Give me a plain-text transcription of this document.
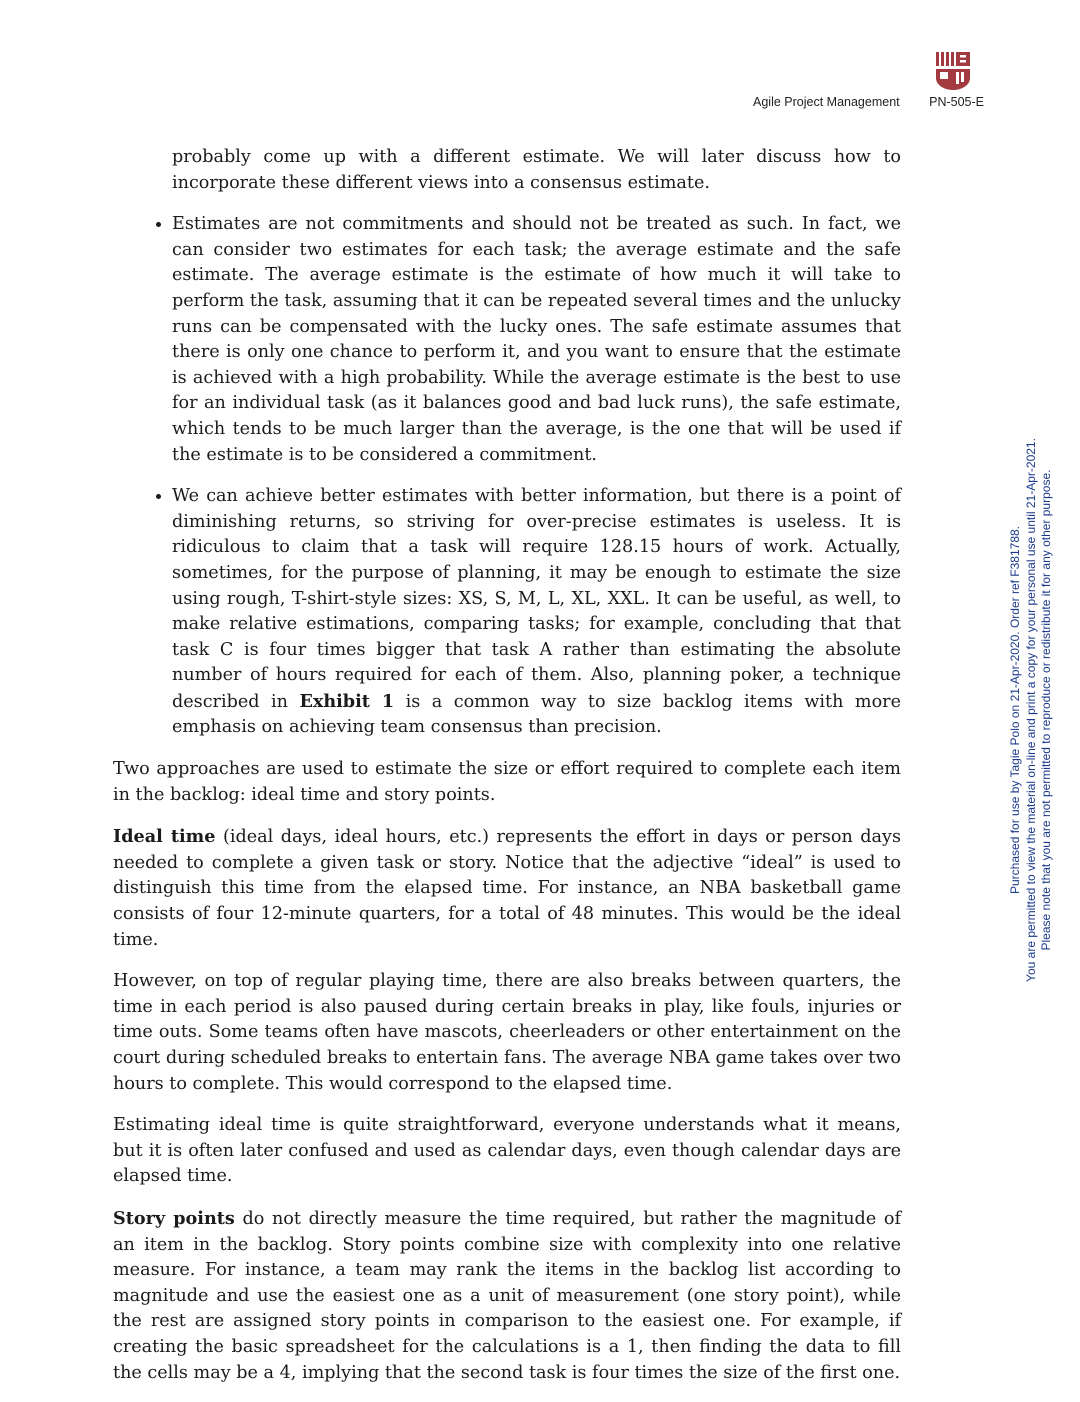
Agile Project Management PN-505-E

probably come up with a different estimate. We will later discuss how to incorporate these different views into a consensus estimate.

• Estimates are not commitments and should not be treated as such. In fact, we can consider two estimates for each task; the average estimate and the safe estimate. The average estimate is the estimate of how much it will take to perform the task, assuming that it can be repeated several times and the unlucky runs can be compensated with the lucky ones. The safe estimate assumes that there is only one chance to perform it, and you want to ensure that the estimate is achieved with a high probability. While the average estimate is the best to use for an individual task (as it balances good and bad luck runs), the safe estimate, which tends to be much larger than the average, is the one that will be used if the estimate is to be considered a commitment.
• We can achieve better estimates with better information, but there is a point of diminishing returns, so striving for over-precise estimates is useless. It is ridiculous to claim that a task will require 128.15 hours of work. Actually, sometimes, for the purpose of planning, it may be enough to estimate the size using rough, T-shirt-style sizes: XS, S, M, L, XL, XXL. It can be useful, as well, to make relative estimations, comparing tasks; for example, concluding that that task C is four times bigger that task A rather than estimating the absolute number of hours required for each of them. Also, planning poker, a technique described in Exhibit 1 is a common way to size backlog items with more emphasis on achieving team consensus than precision.

Two approaches are used to estimate the size or effort required to complete each item in the backlog: ideal time and story points.

Ideal time (ideal days, ideal hours, etc.) represents the effort in days or person days needed to complete a given task or story. Notice that the adjective “ideal” is used to distinguish this time from the elapsed time. For instance, an NBA basketball game consists of four 12-minute quarters, for a total of 48 minutes. This would be the ideal time.

However, on top of regular playing time, there are also breaks between quarters, the time in each period is also paused during certain breaks in play, like fouls, injuries or time outs. Some teams often have mascots, cheerleaders or other entertainment on the court during scheduled breaks to entertain fans. The average NBA game takes over two hours to complete. This would correspond to the elapsed time.

Estimating ideal time is quite straightforward, everyone understands what it means, but it is often later confused and used as calendar days, even though calendar days are elapsed time.

Story points do not directly measure the time required, but rather the magnitude of an item in the backlog. Story points combine size with complexity into one relative measure. For instance, a team may rank the items in the backlog list according to magnitude and use the easiest one as a unit of measurement (one story point), while the rest are assigned story points in comparison to the easiest one. For example, if creating the basic spreadsheet for the calculations is a 1, then finding the data to fill the cells may be a 4, implying that the second task is four times the size of the first one.

Purchased for use by Tagie Polo on 21-Apr-2020. Order ref F381788. You are permitted to view the material on-line and print a copy for your personal use until 21-Apr-2021. Please note that you are not permitted to reproduce or redistribute it for any other purpose.
